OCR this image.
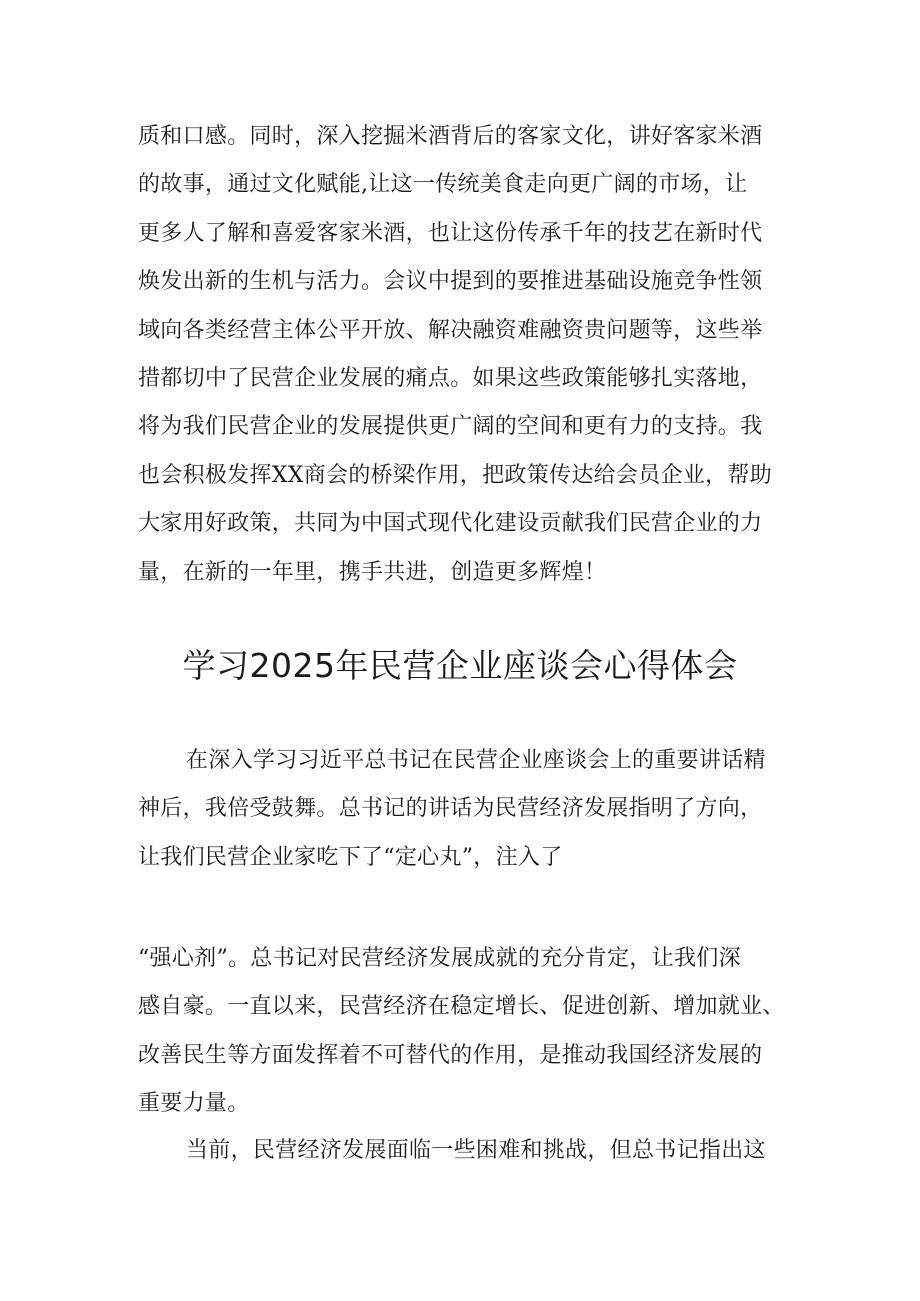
质和口感。同时，深入挖掘米酒背后的客家文化，讲好客家米酒
的故事，通过文化赋能,让这一传统美食走向更广阔的市场，让
更多人了解和喜爱客家米酒，也让这份传承千年的技艺在新时代
焕发出新的生机与活力。会议中提到的要推进基础设施竞争性领
域向各类经营主体公平开放、解决融资难融资贵问题等，这些举
措都切中了民营企业发展的痛点。如果这些政策能够扎实落地，
将为我们民营企业的发展提供更广阔的空间和更有力的支持。我
也会积极发挥XX商会的桥梁作用，把政策传达给会员企业，帮助
大家用好政策，共同为中国式现代化建设贡献我们民营企业的力
量，在新的一年里，携手共进，创造更多辉煌！
学习2025年民营企业座谈会心得体会
在深入学习习近平总书记在民营企业座谈会上的重要讲话精
神后，我倍受鼓舞。总书记的讲话为民营经济发展指明了方向，
让我们民营企业家吃下了“定心丸”，注入了
“强心剂”。总书记对民营经济发展成就的充分肯定，让我们深
感自豪。一直以来，民营经济在稳定增长、促进创新、增加就业、
改善民生等方面发挥着不可替代的作用，是推动我国经济发展的
重要力量。
当前，民营经济发展面临一些困难和挑战，但总书记指出这
